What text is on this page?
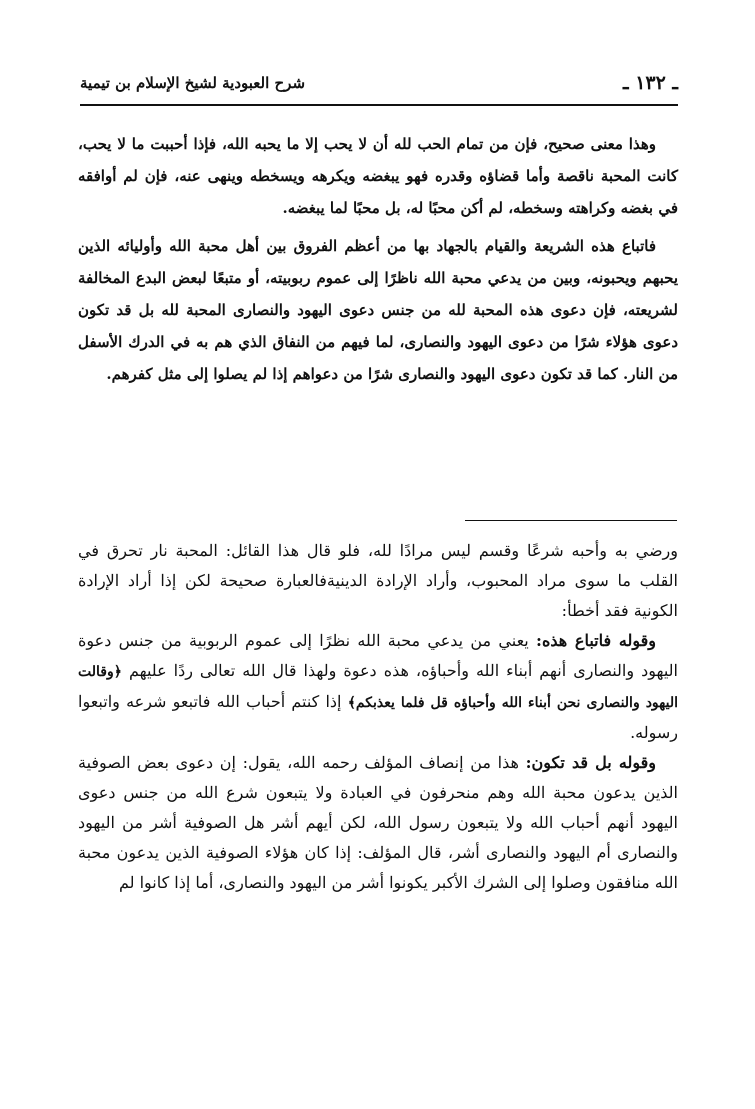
ـ ١٣٢ ـ
شرح العبودية لشيخ الإسلام بن تيمية

وهذا معنى صحيح، فإن من تمام الحب لله أن لا يحب إلا ما يحبه الله، فإذا أحببت ما لا يحب، كانت المحبة ناقصة وأما قضاؤه وقدره فهو يبغضه ويكرهه ويسخطه وينهى عنه، فإن لم أوافقه في بغضه وكراهته وسخطه، لم أكن محبًا له، بل محبًا لما يبغضه.

فاتباع هذه الشريعة والقيام بالجهاد بها من أعظم الفروق بين أهل محبة الله وأوليائه الذين يحبهم ويحبونه، وبين من يدعي محبة الله ناظرًا إلى عموم ربوبيته، أو متبعًا لبعض البدع المخالفة لشريعته، فإن دعوى هذه المحبة لله من جنس دعوى اليهود والنصارى المحبة لله بل قد تكون دعوى هؤلاء شرًا من دعوى اليهود والنصارى، لما فيهم من النفاق الذي هم به في الدرك الأسفل من النار. كما قد تكون دعوى اليهود والنصارى شرًا من دعواهم إذا لم يصلوا إلى مثل كفرهم.

ورضي به وأحبه شرعًا وقسم ليس مرادًا لله، فلو قال هذا القائل: المحبة نار تحرق في القلب ما سوى مراد المحبوب، وأراد الإرادة الدينيةفالعبارة صحيحة لكن إذا أراد الإرادة الكونية فقد أخطأ:

وقوله فاتباع هذه: يعني من يدعي محبة الله نظرًا إلى عموم الربوبية من جنس دعوة اليهود والنصارى أنهم أبناء الله وأحباؤه، هذه دعوة ولهذا قال الله تعالى ردًا عليهم ﴿وقالت اليهود والنصارى نحن أبناء الله وأحباؤه قل فلما يعذبكم﴾ إذا كنتم أحباب الله فاتبعو شرعه واتبعوا رسوله.

وقوله بل قد تكون: هذا من إنصاف المؤلف رحمه الله، يقول: إن دعوى بعض الصوفية الذين يدعون محبة الله وهم منحرفون في العبادة ولا يتبعون شرع الله من جنس دعوى اليهود أنهم أحباب الله ولا يتبعون رسول الله، لكن أيهم أشر هل الصوفية أشر من اليهود والنصارى أم اليهود والنصارى أشر، قال المؤلف: إذا كان هؤلاء الصوفية الذين يدعون محبة الله منافقون وصلوا إلى الشرك الأكبر يكونوا أشر من اليهود والنصارى، أما إذا كانوا لم
